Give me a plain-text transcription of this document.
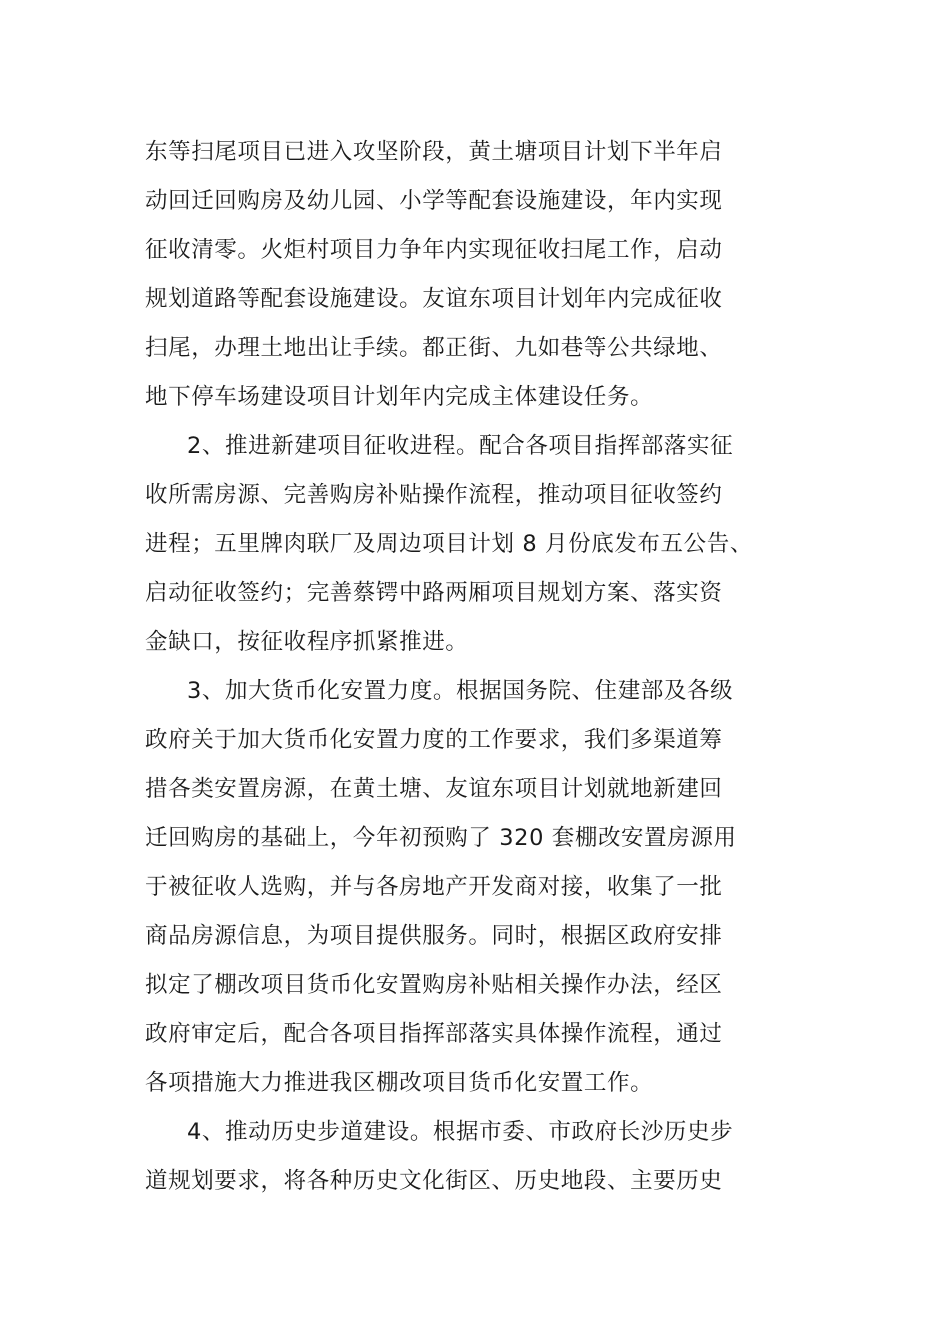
东等扫尾项目已进入攻坚阶段，黄土塘项目计划下半年启
动回迁回购房及幼儿园、小学等配套设施建设，年内实现
征收清零。火炬村项目力争年内实现征收扫尾工作，启动
规划道路等配套设施建设。友谊东项目计划年内完成征收
扫尾，办理土地出让手续。都正街、九如巷等公共绿地、
地下停车场建设项目计划年内完成主体建设任务。
2、推进新建项目征收进程。配合各项目指挥部落实征
收所需房源、完善购房补贴操作流程，推动项目征收签约
进程；五里牌肉联厂及周边项目计划 8 月份底发布五公告、
启动征收签约；完善蔡锷中路两厢项目规划方案、落实资
金缺口，按征收程序抓紧推进。
3、加大货币化安置力度。根据国务院、住建部及各级
政府关于加大货币化安置力度的工作要求，我们多渠道筹
措各类安置房源，在黄土塘、友谊东项目计划就地新建回
迁回购房的基础上，今年初预购了 320 套棚改安置房源用
于被征收人选购，并与各房地产开发商对接，收集了一批
商品房源信息，为项目提供服务。同时，根据区政府安排
拟定了棚改项目货币化安置购房补贴相关操作办法，经区
政府审定后，配合各项目指挥部落实具体操作流程，通过
各项措施大力推进我区棚改项目货币化安置工作。
4、推动历史步道建设。根据市委、市政府长沙历史步
道规划要求，将各种历史文化街区、历史地段、主要历史
